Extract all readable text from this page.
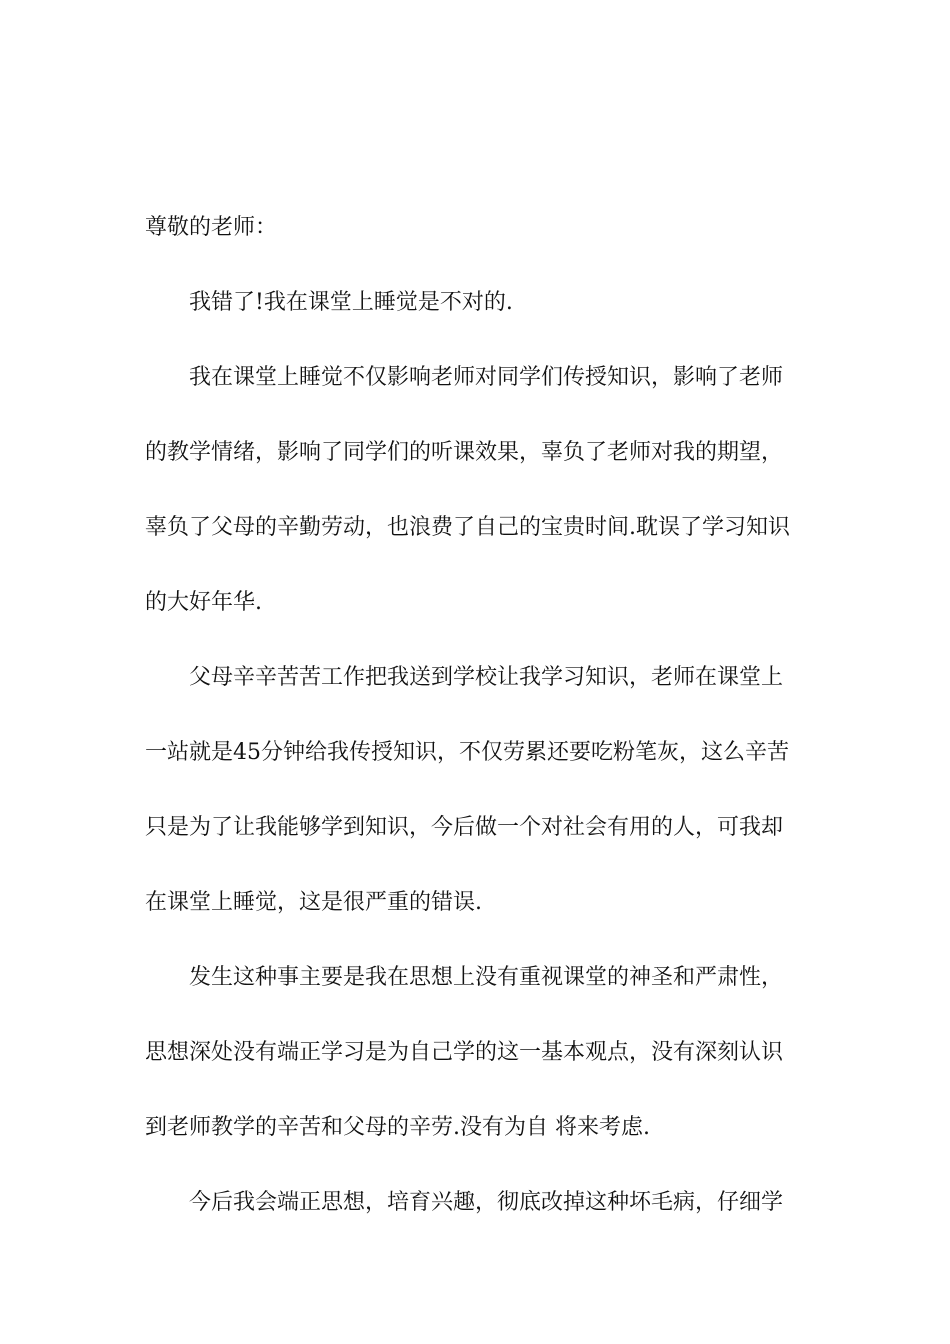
尊敬的老师：
我错了!我在课堂上睡觉是不对的.
我在课堂上睡觉不仅影响老师对同学们传授知识，影响了老师
的教学情绪，影响了同学们的听课效果，辜负了老师对我的期望，
辜负了父母的辛勤劳动，也浪费了自己的宝贵时间.耽误了学习知识
的大好年华.
父母辛辛苦苦工作把我送到学校让我学习知识，老师在课堂上
一站就是45分钟给我传授知识，不仅劳累还要吃粉笔灰，这么辛苦
只是为了让我能够学到知识，今后做一个对社会有用的人，可我却
在课堂上睡觉，这是很严重的错误.
发生这种事主要是我在思想上没有重视课堂的神圣和严肃性，
思想深处没有端正学习是为自己学的这一基本观点，没有深刻认识
到老师教学的辛苦和父母的辛劳.没有为自 将来考虑.
今后我会端正思想，培育兴趣，彻底改掉这种坏毛病，仔细学
